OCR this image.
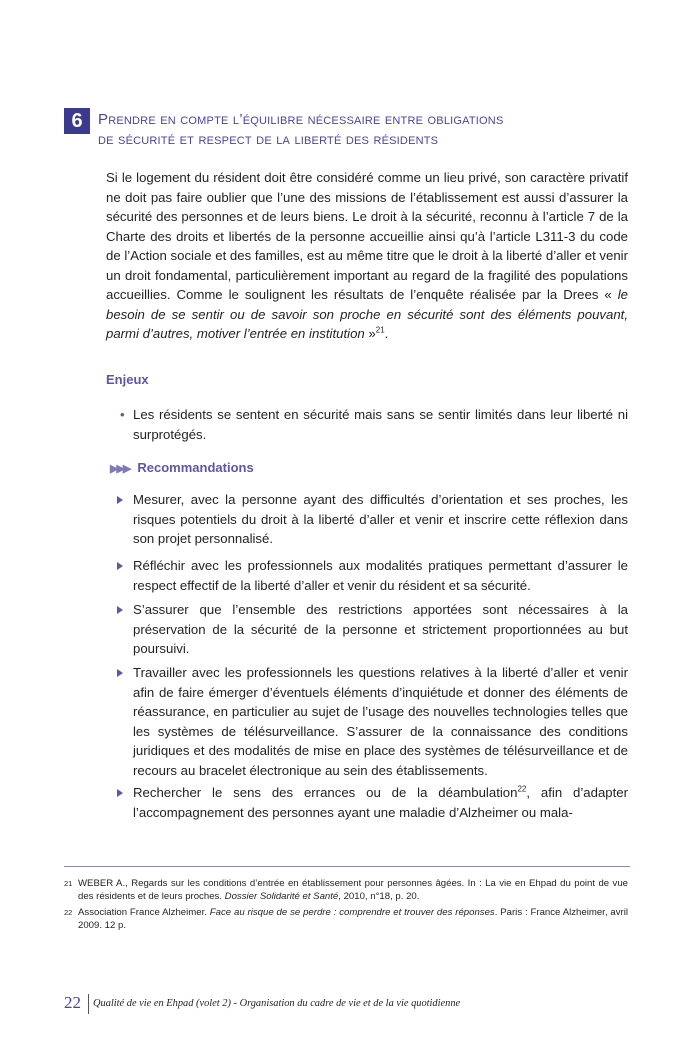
6	Prendre en compte l’équilibre nécessaire entre obligations
de sécurité et respect de la liberté des résidents
Si le logement du résident doit être considéré comme un lieu privé, son caractère privatif ne doit pas faire oublier que l’une des missions de l’établissement est aussi d’assurer la sécurité des personnes et de leurs biens. Le droit à la sécurité, reconnu à l’article 7 de la Charte des droits et libertés de la personne accueillie ainsi qu’à l’article L311-3 du code de l’Action sociale et des familles, est au même titre que le droit à la liberté d’aller et venir un droit fondamental, particulièrement important au regard de la fragilité des populations accueillies. Comme le soulignent les résultats de l’enquête réalisée par la Drees « le besoin de se sentir ou de savoir son proche en sécurité sont des éléments pouvant, parmi d’autres, motiver l’entrée en institution »$^{21}$.
Enjeux
• Les résidents se sentent en sécurité mais sans se sentir limités dans leur liberté ni surprotégés.
▶▶▶ Recommandations
Mesurer, avec la personne ayant des difficultés d’orientation et ses proches, les risques potentiels du droit à la liberté d’aller et venir et inscrire cette réflexion dans son projet personnalisé.
Réfléchir avec les professionnels aux modalités pratiques permettant d’assurer le respect effectif de la liberté d’aller et venir du résident et sa sécurité.
S’assurer que l’ensemble des restrictions apportées sont nécessaires à la préservation de la sécurité de la personne et strictement proportionnées au but poursuivi.
Travailler avec les professionnels les questions relatives à la liberté d’aller et venir afin de faire émerger d’éventuels éléments d’inquiétude et donner des éléments de réassurance, en particulier au sujet de l’usage des nouvelles technologies telles que les systèmes de télésurveillance. S’assurer de la connaissance des conditions juridiques et des modalités de mise en place des systèmes de télésurveillance et de recours au bracelet électronique au sein des établissements.
Rechercher le sens des errances ou de la déambulation$^{22}$, afin d’adapter l’accompagnement des personnes ayant une maladie d’Alzheimer ou mala-
21 WEBER A., Regards sur les conditions d’entrée en établissement pour personnes âgées. In : La vie en Ehpad du point de vue des résidents et de leurs proches. Dossier Solidarité et Santé, 2010, n°18, p. 20.
22 Association France Alzheimer. Face au risque de se perdre : comprendre et trouver des réponses. Paris : France Alzheimer, avril 2009. 12 p.
22 Qualité de vie en Ehpad (volet 2) - Organisation du cadre de vie et de la vie quotidienne
